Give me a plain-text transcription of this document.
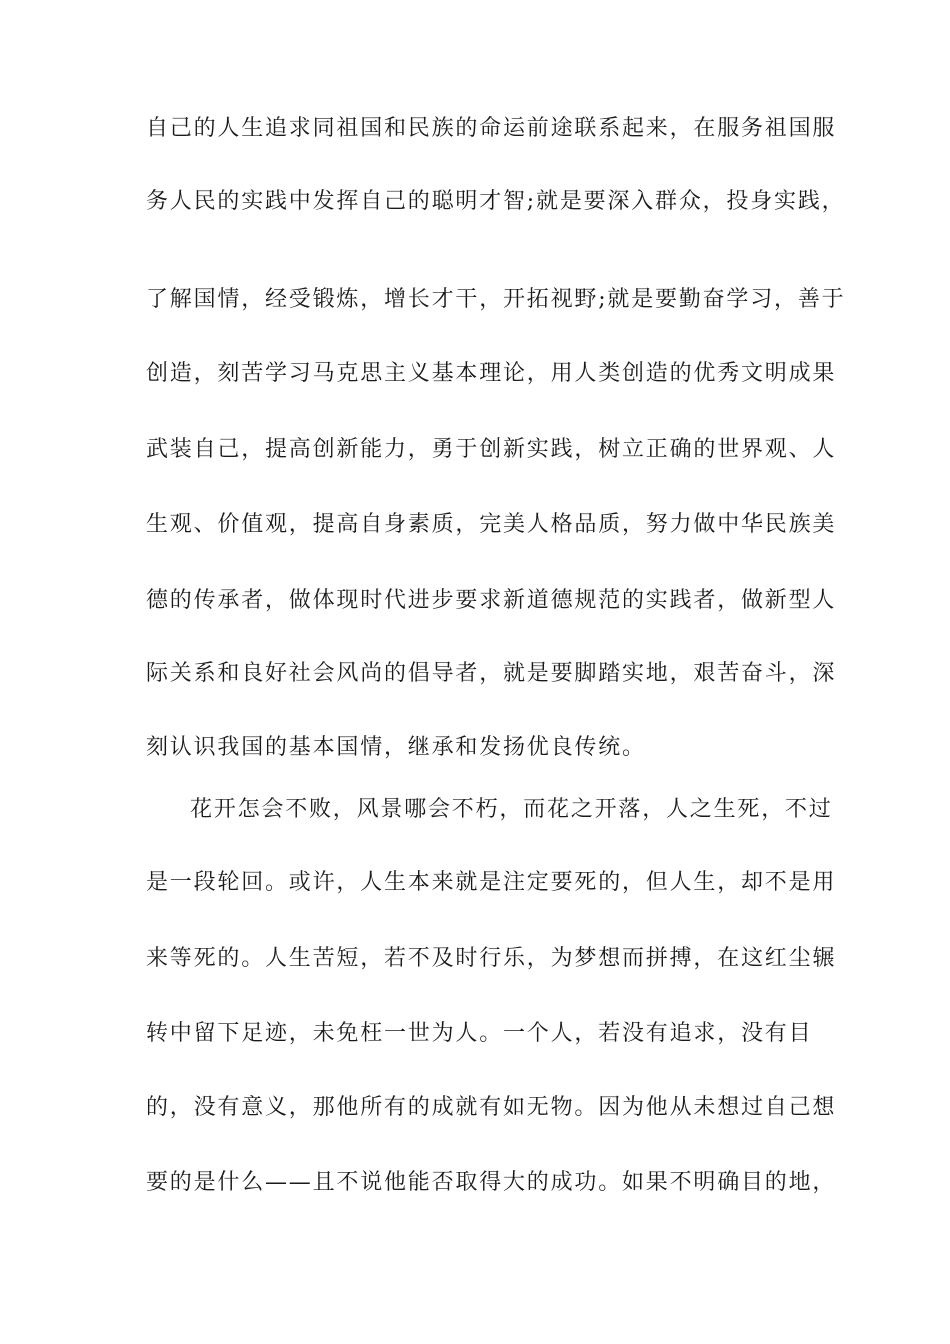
自己的人生追求同祖国和民族的命运前途联系起来，在服务祖国服
务人民的实践中发挥自己的聪明才智;就是要深入群众，投身实践，
了解国情，经受锻炼，增长才干，开拓视野;就是要勤奋学习，善于
创造，刻苦学习马克思主义基本理论，用人类创造的优秀文明成果
武装自己，提高创新能力，勇于创新实践，树立正确的世界观、人
生观、价值观，提高自身素质，完美人格品质，努力做中华民族美
德的传承者，做体现时代进步要求新道德规范的实践者，做新型人
际关系和良好社会风尚的倡导者，就是要脚踏实地，艰苦奋斗，深
刻认识我国的基本国情，继承和发扬优良传统。
花开怎会不败，风景哪会不朽，而花之开落，人之生死，不过
是一段轮回。或许，人生本来就是注定要死的，但人生，却不是用
来等死的。人生苦短，若不及时行乐，为梦想而拼搏，在这红尘辗
转中留下足迹，未免枉一世为人。一个人，若没有追求，没有目
的，没有意义，那他所有的成就有如无物。因为他从未想过自己想
要的是什么——且不说他能否取得大的成功。如果不明确目的地，
